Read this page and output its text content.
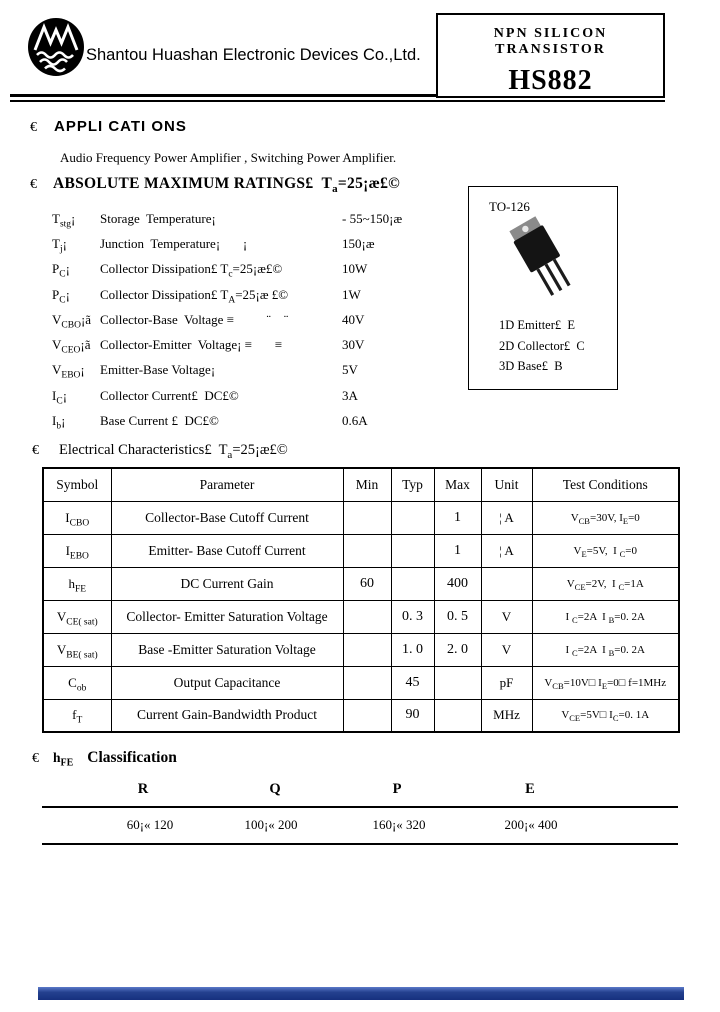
Shantou Huashan Electronic Devices Co.,Ltd.
NPN SILICON TRANSISTOR
HS882
€ APPLI CATI ONS
Audio Frequency Power Amplifier , Switching Power Amplifier.
€ ABSOLUTE MAXIMUM RATINGS£  $T_a=25¡æ£©$
$T_{stg}¡$	Storage  Temperature¡	- 55~150¡æ
$T_j¡$	Junction  Temperature¡       ¡	150¡æ
$P_C¡$	Collector Dissipation£ $T_c=25¡æ£©$	10W
$P_C¡$	Collector Dissipation£ $T_A=25¡æ$ £©	1W
$V_{CBO}¡ã$ Collector-Base  Voltage ≡          ¨    ¨	40V
$V_{CEO}¡ã$ Collector-Emitter  Voltage¡ ≡       ≡	30V
$V_{EBO}¡$	Emitter-Base Voltage¡	5V
$I_C¡$	Collector Current£  DC£©	3A
$I_b¡$	Base Current £  DC£©	0.6A
TO-126
1D Emitter£  E
2D Collector£  C
3D Base£  B
€ Electrical Characteristics£  $T_a=25¡æ£©$
Symbol	Parameter	Min	Typ	Max	Unit	Test Conditions
$I_{CBO}$	Collector-Base Cutoff Current			1	¦ A	$V_{CB}=30V$, $I_E=0$
$I_{EBO}$	Emitter- Base Cutoff Current			1	¦ A	$V_E=5V$,  I $_C$=0
$h_{FE}$	DC Current Gain	60		400		$V_{CE}=2V$,  I $_C$=1A
$V_{CE( sat)}$	Collector- Emitter Saturation Voltage		0. 3	0. 5	V	I $_C$=2A  I $_B$=0. 2A
$V_{BE( sat)}$	Base -Emitter Saturation Voltage		1. 0	2. 0	V	I $_C$=2A  I $_B$=0. 2A
$C_{ob}$	Output Capacitance		45		pF	$V_{CB}=10V□$ $I_E=0□$ f=1MHz
$f_T$	Current Gain-Bandwidth Product		90		MHz	$V_{CE}=5V□$ $I_C=0$. 1A
€ $h_{FE}$ Classification
R	Q	P	E
60¡« 120	100¡« 200	160¡« 320	200¡« 400
